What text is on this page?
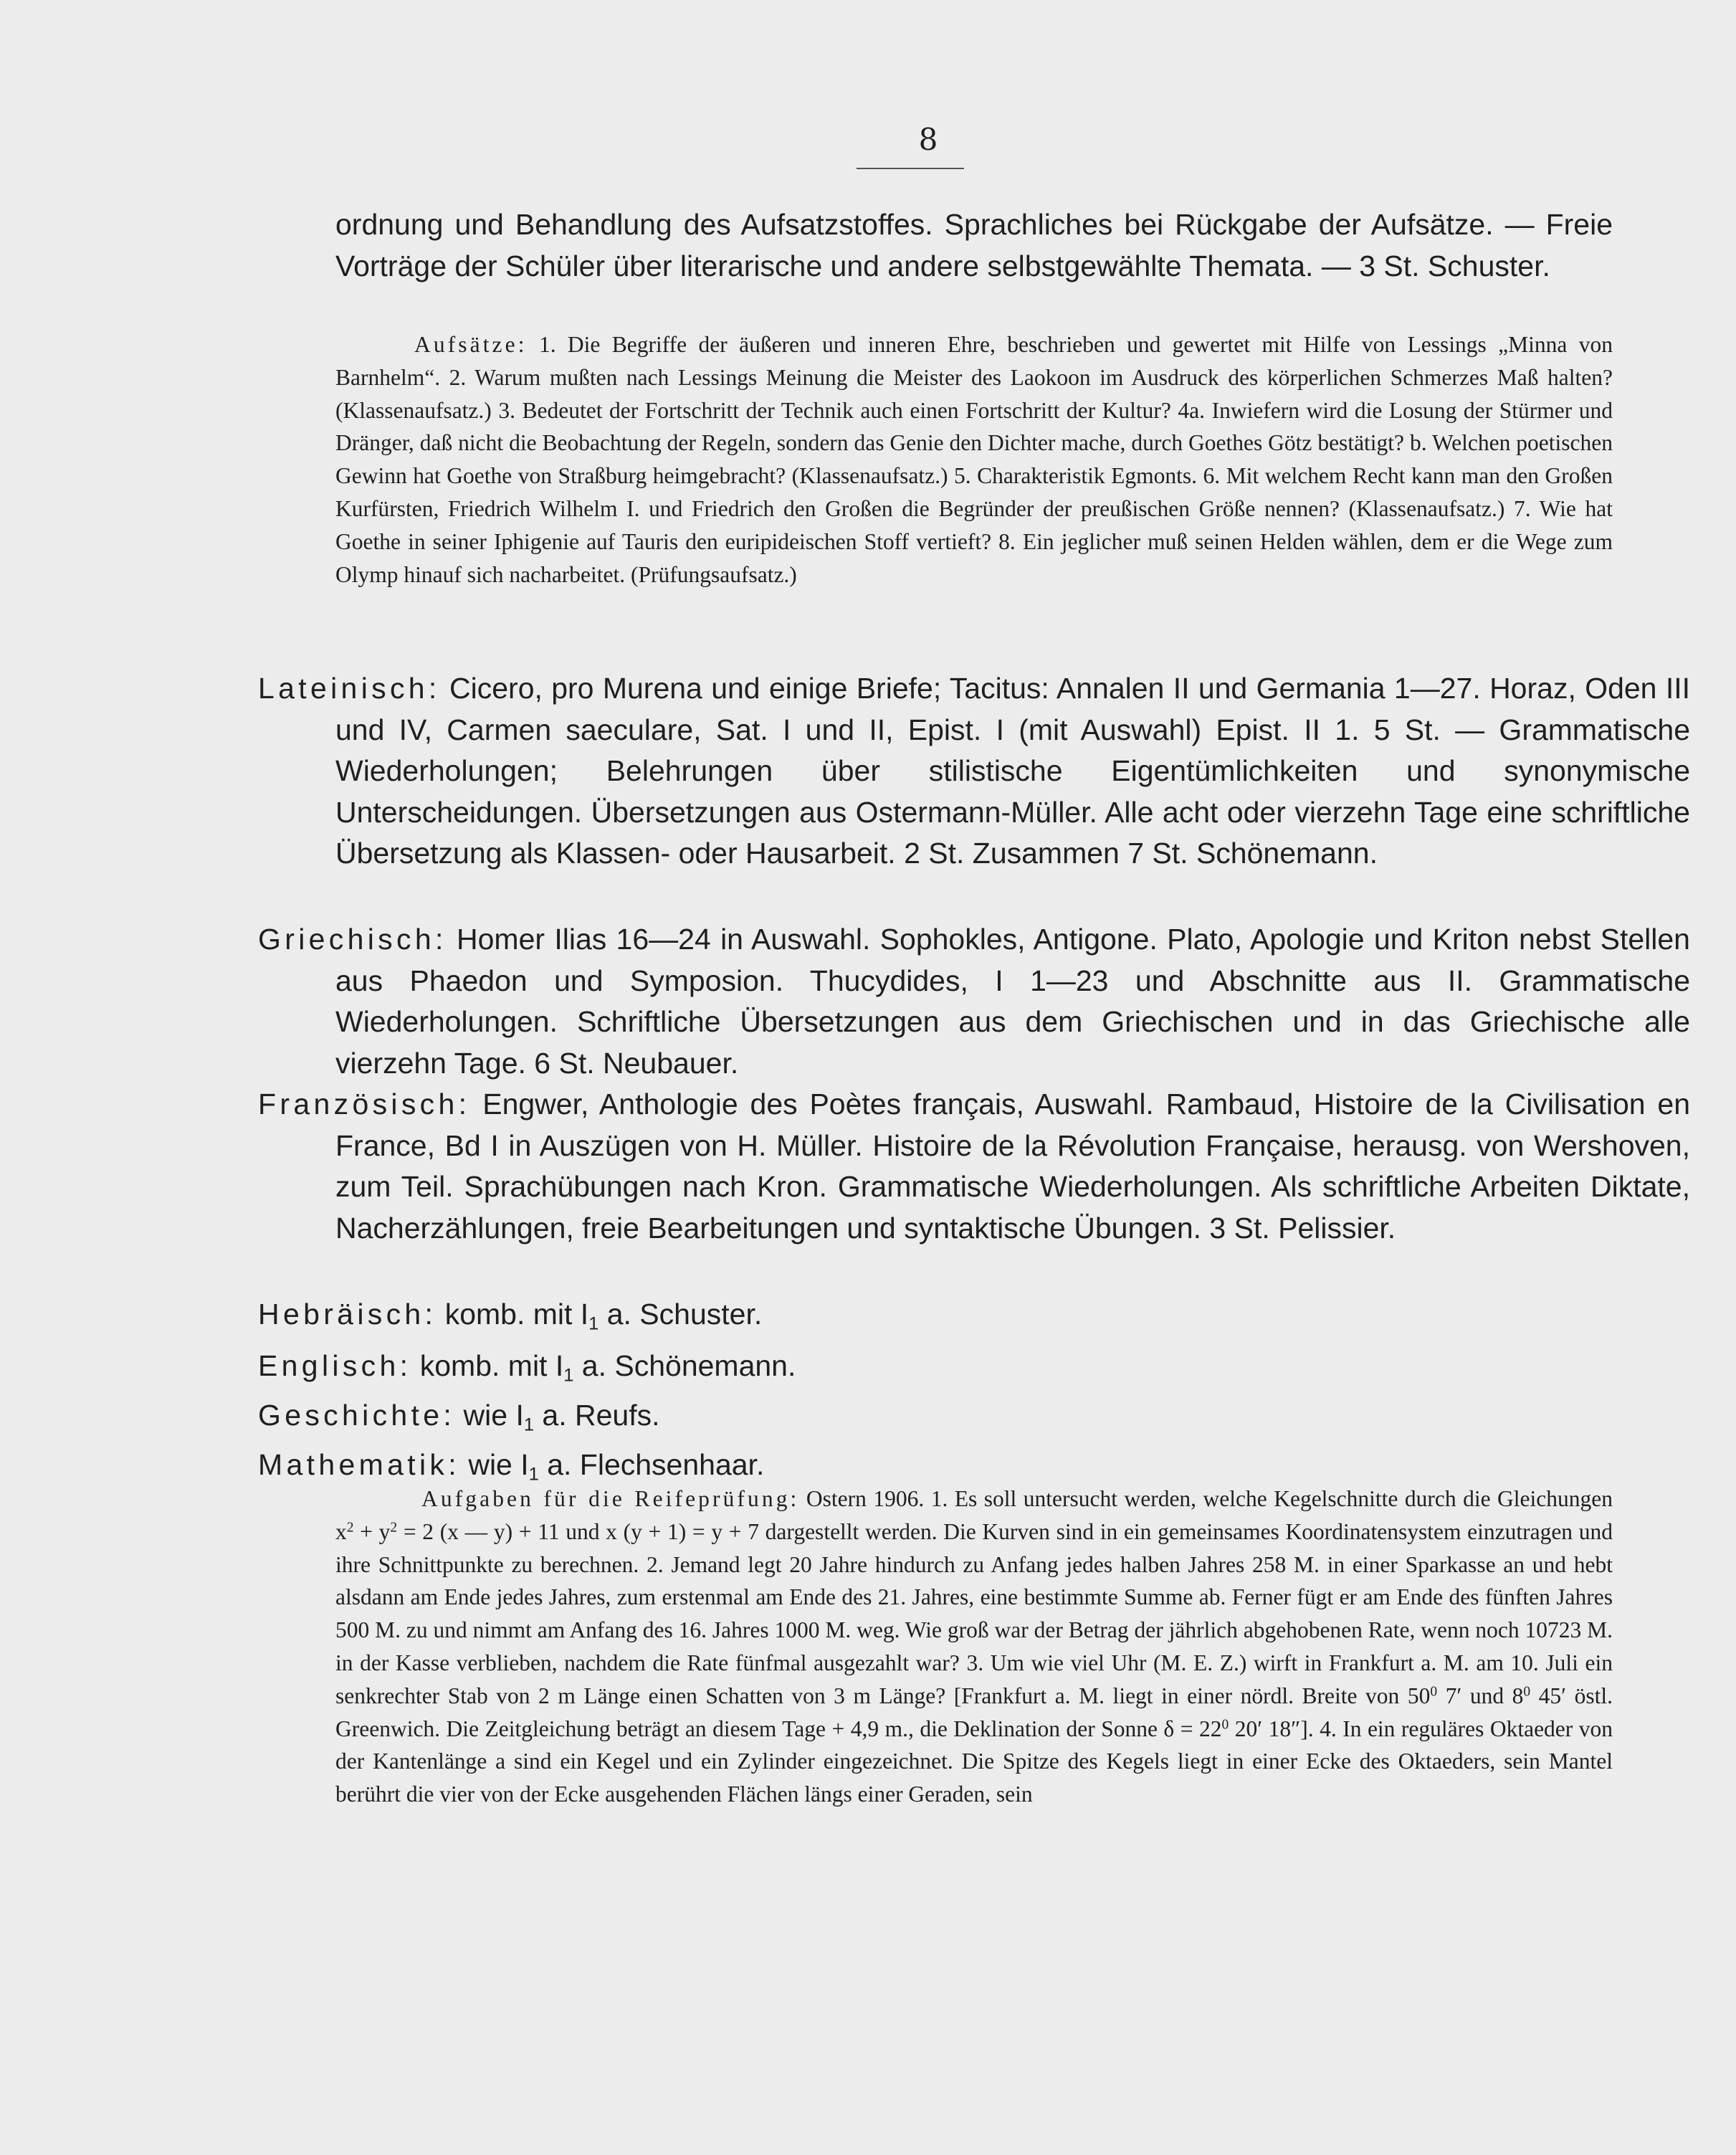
8

ordnung und Behandlung des Aufsatzstoffes. Sprachliches bei Rückgabe der Aufsätze. — Freie Vorträge der Schüler über literarische und andere selbstgewählte Themata. — 3 St. Schuster.

Aufsätze: 1. Die Begriffe der äußeren und inneren Ehre, beschrieben und gewertet mit Hilfe von Lessings „Minna von Barnhelm“. 2. Warum mußten nach Lessings Meinung die Meister des Laokoon im Ausdruck des körperlichen Schmerzes Maß halten? (Klassenaufsatz.) 3. Bedeutet der Fortschritt der Technik auch einen Fortschritt der Kultur? 4a. Inwiefern wird die Losung der Stürmer und Dränger, daß nicht die Beobachtung der Regeln, sondern das Genie den Dichter mache, durch Goethes Götz bestätigt? b. Welchen poetischen Gewinn hat Goethe von Straßburg heimgebracht? (Klassenaufsatz.) 5. Charakteristik Egmonts. 6. Mit welchem Recht kann man den Großen Kurfürsten, Friedrich Wilhelm I. und Friedrich den Großen die Begründer der preußischen Größe nennen? (Klassenaufsatz.) 7. Wie hat Goethe in seiner Iphigenie auf Tauris den euripideischen Stoff vertieft? 8. Ein jeglicher muß seinen Helden wählen, dem er die Wege zum Olymp hinauf sich nacharbeitet. (Prüfungsaufsatz.)

Lateinisch: Cicero, pro Murena und einige Briefe; Tacitus: Annalen II und Germania 1—27. Horaz, Oden III und IV, Carmen saeculare, Sat. I und II, Epist. I (mit Auswahl) Epist. II 1. 5 St. — Grammatische Wiederholungen; Belehrungen über stilistische Eigentümlichkeiten und synonymische Unterscheidungen. Übersetzungen aus Ostermann-Müller. Alle acht oder vierzehn Tage eine schriftliche Übersetzung als Klassen- oder Hausarbeit. 2 St. Zusammen 7 St. Schönemann.

Griechisch: Homer Ilias 16—24 in Auswahl. Sophokles, Antigone. Plato, Apologie und Kriton nebst Stellen aus Phaedon und Symposion. Thucydides, I 1—23 und Abschnitte aus II. Grammatische Wiederholungen. Schriftliche Übersetzungen aus dem Griechischen und in das Griechische alle vierzehn Tage. 6 St. Neubauer.

Französisch: Engwer, Anthologie des Poètes français, Auswahl. Rambaud, Histoire de la Civilisation en France, Bd I in Auszügen von H. Müller. Histoire de la Révolution Française, herausg. von Wershoven, zum Teil. Sprachübungen nach Kron. Grammatische Wiederholungen. Als schriftliche Arbeiten Diktate, Nacherzählungen, freie Bearbeitungen und syntaktische Übungen. 3 St. Pelissier.

Hebräisch: komb. mit $I_1$ a. Schuster.

Englisch: komb. mit $I_1$ a. Schönemann.

Geschichte: wie $I_1$ a. Reufs.

Mathematik: wie $I_1$ a. Flechsenhaar.

Aufgaben für die Reifeprüfung: Ostern 1906. 1. Es soll untersucht werden, welche Kegelschnitte durch die Gleichungen $x^2 + y^2 = 2$ (x — y) + 11 und x (y + 1) = y + 7 dargestellt werden. Die Kurven sind in ein gemeinsames Koordinatensystem einzutragen und ihre Schnittpunkte zu berechnen. 2. Jemand legt 20 Jahre hindurch zu Anfang jedes halben Jahres 258 M. in einer Sparkasse an und hebt alsdann am Ende jedes Jahres, zum erstenmal am Ende des 21. Jahres, eine bestimmte Summe ab. Ferner fügt er am Ende des fünften Jahres 500 M. zu und nimmt am Anfang des 16. Jahres 1000 M. weg. Wie groß war der Betrag der jährlich abgehobenen Rate, wenn noch 10723 M. in der Kasse verblieben, nachdem die Rate fünfmal ausgezahlt war? 3. Um wie viel Uhr (M. E. Z.) wirft in Frankfurt a. M. am 10. Juli ein senkrechter Stab von 2 m Länge einen Schatten von 3 m Länge? [Frankfurt a. M. liegt in einer nördl. Breite von $50^0$ 7′ und $8^0$ 45′ östl. Greenwich. Die Zeitgleichung beträgt an diesem Tage + 4,9 m., die Deklination der Sonne $\delta = 22^0$ 20′ 18″]. 4. In ein reguläres Oktaeder von der Kantenlänge a sind ein Kegel und ein Zylinder eingezeichnet. Die Spitze des Kegels liegt in einer Ecke des Oktaeders, sein Mantel berührt die vier von der Ecke ausgehenden Flächen längs einer Geraden, sein
